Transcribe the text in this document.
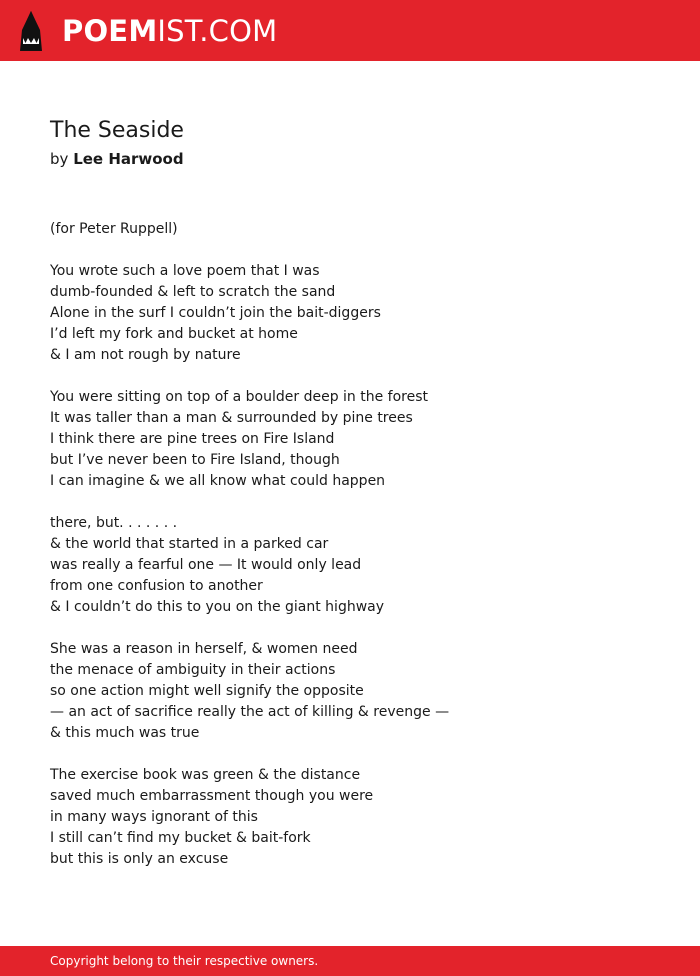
POEMIST.COM
The Seaside
by Lee Harwood
(for Peter Ruppell)
You wrote such a love poem that I was
dumb-founded & left to scratch the sand
Alone in the surf I couldn’t join the bait-diggers
I’d left my fork and bucket at home
& I am not rough by nature
You were sitting on top of a boulder deep in the forest
It was taller than a man & surrounded by pine trees
I think there are pine trees on Fire Island
but I’ve never been to Fire Island, though
I can imagine & we all know what could happen
there, but. . . . . . .
& the world that started in a parked car
was really a fearful one — It would only lead
from one confusion to another
& I couldn’t do this to you on the giant highway
She was a reason in herself, & women need
the menace of ambiguity in their actions
so one action might well signify the opposite
— an act of sacrifice really the act of killing & revenge —
& this much was true
The exercise book was green & the distance
saved much embarrassment though you were
in many ways ignorant of this
I still can’t find my bucket & bait-fork
but this is only an excuse
Copyright belong to their respective owners.
